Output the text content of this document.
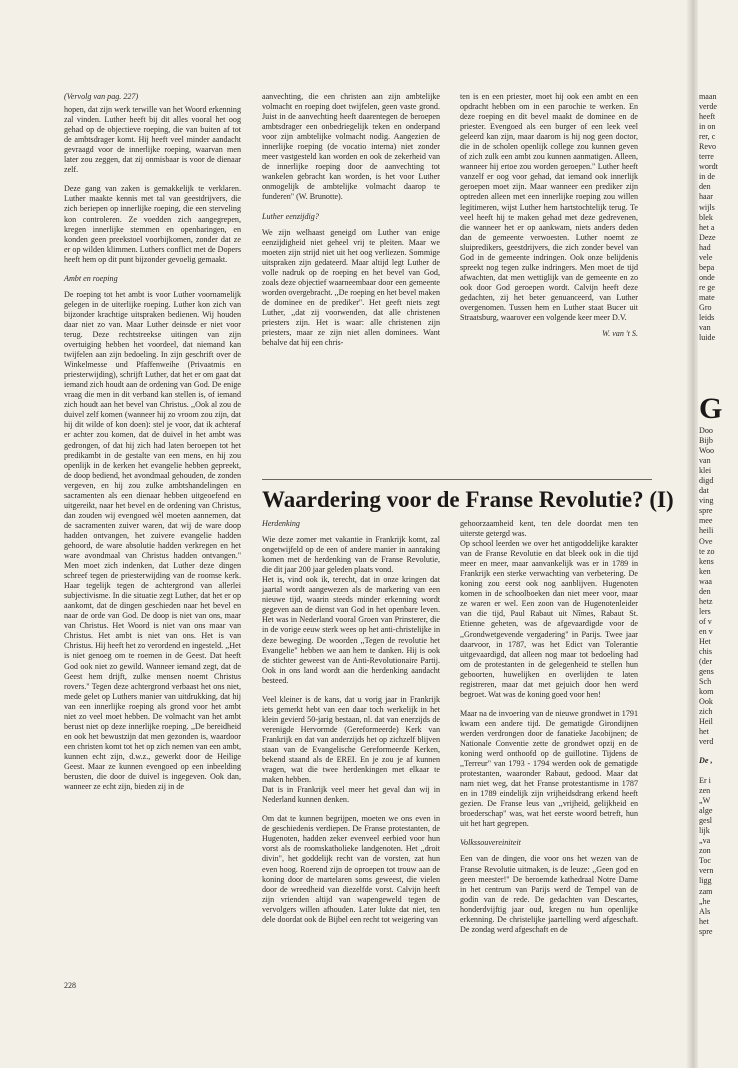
(Vervolg van pag. 227)

hopen, dat zijn werk terwille van het Woord erkenning zal vinden. Luther heeft bij dit alles vooral het oog gehad op de objectieve roeping, die van buiten af tot de ambtsdrager komt. Hij heeft veel minder aandacht gevraagd voor de innerlijke roeping, waarvan men later zou zeggen, dat zij onmisbaar is voor de dienaar zelf.

Deze gang van zaken is gemakkelijk te verklaren. Luther maakte kennis met tal van geestdrijvers, die zich beriepen op innerlijke roeping, die een sterveling kon controleren. Ze voedden zich aangegrepen, kregen innerlijke stemmen en openbaringen, en konden geen preekstoel voorbijkomen, zonder dat ze er op wilden klimmen. Luthers conflict met de Dopers heeft hem op dit punt bijzonder gevoelig gemaakt.

Ambt en roeping

De roeping tot het ambt is voor Luther voornamelijk gelegen in de uiterlijke roeping. Luther kon zich van bijzonder krachtige uitspraken bedienen. Wij houden daar niet zo van. Maar Luther deinsde er niet voor terug. Deze rechtstreekse uitingen van zijn overtuiging hebben het voordeel, dat niemand kan twijfelen aan zijn bedoeling. In zijn geschrift over de Winkelmesse und Pfaffenweihe (Privaatmis en priesterwijding), schrijft Luther, dat het er om gaat dat iemand zich houdt aan de ordening van God. De enige vraag die men in dit verband kan stellen is, of iemand zich houdt aan het bevel van Christus. ,,Ook al zou de duivel zelf komen (wanneer hij zo vroom zou zijn, dat hij dit wilde of kon doen): stel je voor, dat ik achteraf er achter zou komen, dat de duivel in het ambt was gedrongen, of dat hij zich had laten beroepen tot het predikambt in de gestalte van een mens, en hij zou openlijk in de kerken het evangelie hebben gepreekt, de doop bediend, het avondmaal gehouden, de zonden vergeven, en hij zou zulke ambtshandelingen en sacramenten als een dienaar hebben uitgeoefend en uitgereikt, naar het bevel en de ordening van Christus, dan zouden wij evengoed wèl moeten aannemen, dat de sacramenten zuiver waren, dat wij de ware doop hadden ontvangen, het zuivere evangelie hadden gehoord, de ware absolutie hadden verkregen en het ware avondmaal van Christus hadden ontvangen." Men moet zich indenken, dat Luther deze dingen schreef tegen de priesterwijding van de roomse kerk. Haar tegelijk tegen de achtergrond van allerlei subjectivisme. In die situatie zegt Luther, dat het er op aankomt, dat de dingen geschieden naar het bevel en naar de orde van God. De doop is niet van ons, maar van Christus. Het Woord is niet van ons maar van Christus. Het ambt is niet van ons. Het is van Christus. Hij heeft het zo verordend en ingesteld. ,,Het is niet genoeg om te roemen in de Geest. Dat heeft God ook niet zo gewild. Wanneer iemand zegt, dat de Geest hem drijft, zulke mensen noemt Christus rovers." Tegen deze achtergrond verbaast het ons niet, mede gelet op Luthers manier van uitdrukking, dat hij van een innerlijke roeping als grond voor het ambt niet zo veel moet hebben. De volmacht van het ambt berust niet op deze innerlijke roeping. ,,De bereidheid en ook het bewustzijn dat men gezonden is, waardoor een christen komt tot het op zich nemen van een ambt, kunnen echt zijn, d.w.z., gewerkt door de Heilige Geest. Maar ze kunnen evengoed op een inbeelding berusten, die door de duivel is ingegeven. Ook dan, wanneer ze echt zijn, bieden zij in de

aanvechting, die een christen aan zijn ambtelijke volmacht en roeping doet twijfelen, geen vaste grond. Juist in de aanvechting heeft daarentegen de beroepen ambtsdrager een onbedriegelijk teken en onderpand voor zijn ambtelijke volmacht nodig. Aangezien de innerlijke roeping (de vocatio interna) niet zonder meer vastgesteld kan worden en ook de zekerheid van de innerlijke roeping door de aanvechting tot wankelen gebracht kan worden, is het voor Luther onmogelijk de ambtelijke volmacht daarop te funderen" (W. Brunotte).

Luther eenzijdig?

We zijn welhaast geneigd om Luther van enige eenzijdigheid niet geheel vrij te pleiten. Maar we moeten zijn strijd niet uit het oog verliezen. Sommige uitspraken zijn gedateerd. Maar altijd legt Luther de volle nadruk op de roeping en het bevel van God, zoals deze objectief waarneembaar door een gemeente worden overgebracht. ,,De roeping en het bevel maken de dominee en de prediker". Het geeft niets zegt Luther, ,,dat zij voorwenden, dat alle christenen priesters zijn. Het is waar: alle christenen zijn priesters, maar ze zijn niet allen dominees. Want behalve dat hij een chris-

ten is en een priester, moet hij ook een ambt en een opdracht hebben om in een parochie te werken. En deze roeping en dit bevel maakt de dominee en de priester. Evengoed als een burger of een leek veel geleerd kan zijn, maar daarom is hij nog geen doctor, die in de scholen openlijk college zou kunnen geven of zich zulk een ambt zou kunnen aanmatigen. Alleen, wanneer hij ertoe zou worden geroepen." Luther heeft vanzelf er oog voor gehad, dat iemand ook innerlijk geroepen moet zijn. Maar wanneer een prediker zijn optreden alleen met een innerlijke roeping zou willen legitimeren, wijst Luther hem hartstochtelijk terug. Te veel heeft hij te maken gehad met deze gedrevenen, die wanneer het er op aankwam, niets anders deden dan de gemeente verwoesten. Luther noemt ze sluipredikers, geestdrijvers, die zich zonder bevel van God in de gemeente indringen. Ook onze belijdenis spreekt nog tegen zulke indringers. Men moet de tijd afwachten, dat men wettiglijk van de gemeente en zo ook door God geroepen wordt. Calvijn heeft deze gedachten, zij het beter genuanceerd, van Luther overgenomen. Tussen hem en Luther staat Bucer uit Straatsburg, waarover een volgende keer meer D.V.

W. van 't S.

Waardering voor de Franse Revolutie? (I)

Herdenking

Wie deze zomer met vakantie in Frankrijk komt, zal ongetwijfeld op de een of andere manier in aanraking komen met de herdenking van de Franse Revolutie, die dit jaar 200 jaar geleden plaats vond.

Het is, vind ook ik, terecht, dat in onze kringen dat jaartal wordt aangewezen als de markering van een nieuwe tijd, waarin steeds minder erkenning wordt gegeven aan de dienst van God in het openbare leven. Het was in Nederland vooral Groen van Prinsterer, die in de vorige eeuw sterk wees op het anti-christelijke in deze beweging. De woorden ,,Tegen de revolutie het Evangelie" hebben we aan hem te danken. Hij is ook de stichter geweest van de Anti-Revolutionaire Partij. Ook in ons land wordt aan die herdenking aandacht besteed.

Veel kleiner is de kans, dat u vorig jaar in Frankrijk iets gemerkt hebt van een daar toch werkelijk in het klein gevierd 50-jarig bestaan, nl. dat van enerzijds de verenigde Hervormde (Gereformeerde) Kerk van Frankrijk en dat van anderzijds het op zichzelf blijven staan van de Evangelische Gereformeerde Kerken, bekend staand als de EREI. En je zou je af kunnen vragen, wat die twee herdenkingen met elkaar te maken hebben.

Dat is in Frankrijk veel meer het geval dan wij in Nederland kunnen denken.

Om dat te kunnen begrijpen, moeten we ons even in de geschiedenis verdiepen. De Franse protestanten, de Hugenoten, hadden zeker evenveel eerbied voor hun vorst als de roomskatholieke landgenoten. Het ,,droit divin", het goddelijk recht van de vorsten, zat hun even hoog. Roerend zijn de oproepen tot trouw aan de koning door de martelaren soms geweest, die vielen door de wreedheid van diezelfde vorst. Calvijn heeft zijn vrienden altijd van wapengeweld tegen de vervolgers willen afhouden. Later lukte dat niet, ten dele doordat ook de Bijbel een recht tot weigering van

gehoorzaamheid kent, ten dele doordat men ten uiterste getergd was.

Op school leerden we over het antigoddelijke karakter van de Franse Revolutie en dat bleek ook in die tijd meer en meer, maar aanvankelijk was er in 1789 in Frankrijk een sterke verwachting van verbetering. De koning zou eerst ook nog aanblijven. Hugenoten komen in de schoolboeken dan niet meer voor, maar ze waren er wel. Een zoon van de Hugenotenleider van die tijd, Paul Rabaut uit Nîmes, Rabaut St. Etienne geheten, was de afgevaardigde voor de ,,Grondwetgevende vergadering" in Parijs. Twee jaar daarvoor, in 1787, was het Edict van Tolerantie uitgevaardigd, dat alleen nog maar tot bedoeling had om de protestanten in de gelegenheid te stellen hun geboorten, huwelijken en overlijden te laten registreren, maar dat met gejuich door hen werd begroet. Wat was de koning goed voor hen!

Maar na de invoering van de nieuwe grondwet in 1791 kwam een andere tijd. De gematigde Girondijnen werden verdrongen door de fanatieke Jacobijnen; de Nationale Conventie zette de grondwet opzij en de koning werd onthoofd op de guillotine. Tijdens de ,,Terreur" van 1793 - 1794 werden ook de gematigde protestanten, waaronder Rabaut, gedood. Maar dat nam niet weg, dat het Franse protestantisme in 1787 en in 1789 eindelijk zijn vrijheidsdrang erkend heeft gezien. De Franse leus van ,,vrijheid, gelijkheid en broederschap" was, wat het eerste woord betreft, hun uit het hart gegrepen.

Volkssouvereiniteit

Een van de dingen, die voor ons het wezen van de Franse Revolutie uitmaken, is de leuze: ,,Geen god en geen meester!" De beroemde kathedraal Notre Dame in het centrum van Parijs werd de Tempel van de godin van de rede. De gedachten van Descartes, honderdvijftig jaar oud, kregen nu hun openlijke erkenning. De christelijke jaartelling werd afgeschaft. De zondag werd afgeschaft en de

228
maan
verde
heeft
in on
rer, c
Revo
terre
wordt
in de
den
haar
wijls
blek
het a
Deze
had
vele
bepa
onde
re ge
mate
Gro
leids
van
luide
G
Doo
Bijb
Woo
van
klei
digd
dat
ving
spre
mee
heili
Ove
te zo
kens
ken
waa
den
hetz
lers
of v
en v
Het
chis
(der
gens
Sch
kom
Ook
zich
Heil
het
verd
De ,
Er i
zen
„W
alge
gesl
lijk
„va
zon
Toc
vern
ligg
zam
„he
Als
het
spre
